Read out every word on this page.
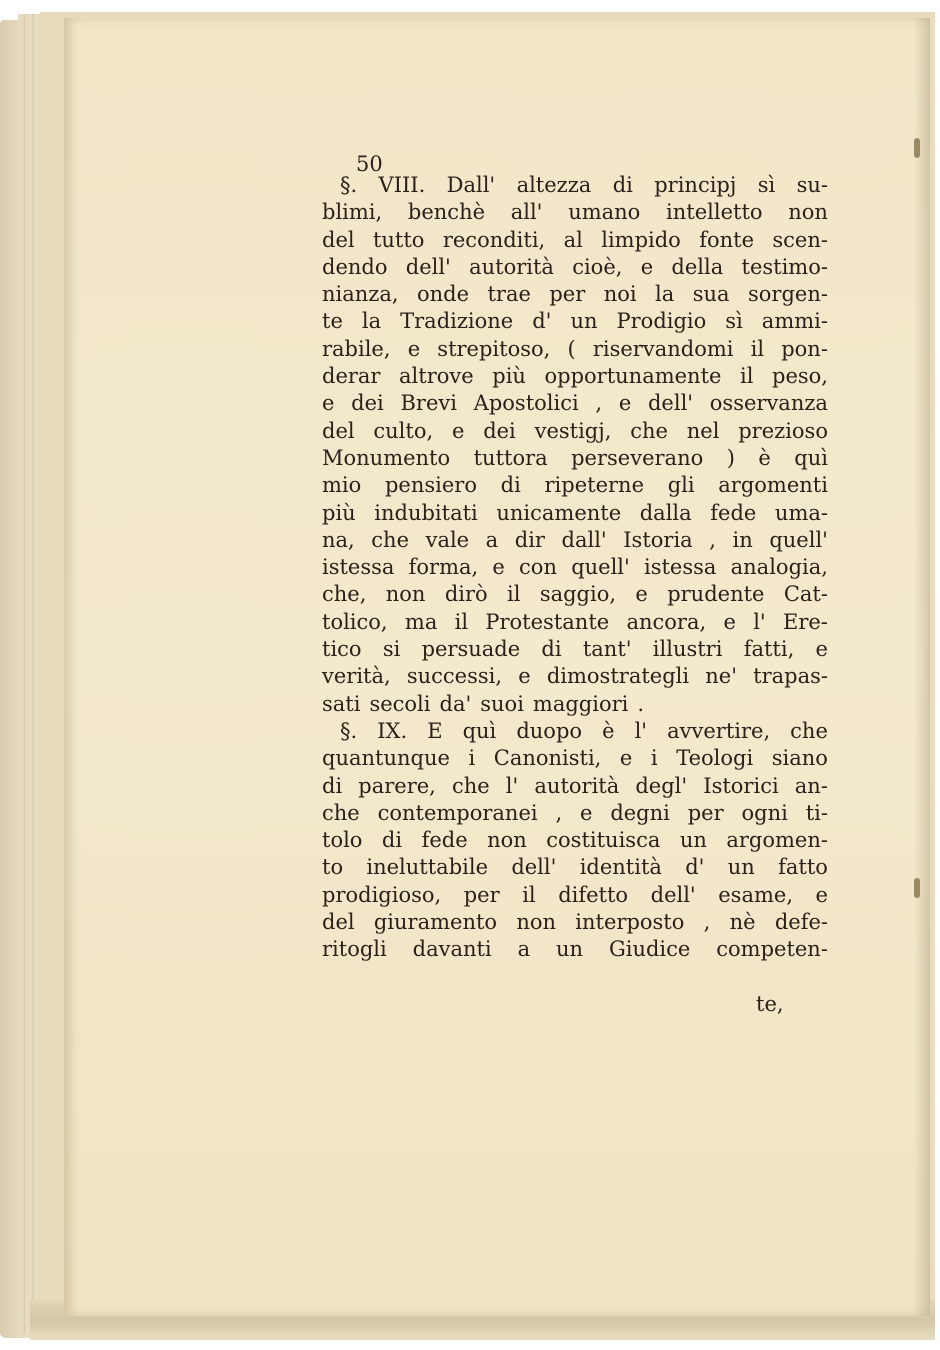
50
§. VIII. Dall' altezza di principj sì su-
blimi, benchè all' umano intelletto non
del tutto reconditi, al limpido fonte scen-
dendo dell' autorità cioè, e della testimo-
nianza, onde trae per noi la sua sorgen-
te la Tradizione d' un Prodigio sì ammi-
rabile, e strepitoso, ( riservandomi il pon-
derar altrove più opportunamente il peso,
e dei Brevi Apostolici , e dell' osservanza
del culto, e dei vestigj, che nel prezioso
Monumento tuttora perseverano ) è quì
mio pensiero di ripeterne gli argomenti
più indubitati unicamente dalla fede uma-
na, che vale a dir dall' Istoria , in quell'
istessa forma, e con quell' istessa analogia,
che, non dirò il saggio, e prudente Cat-
tolico, ma il Protestante ancora, e l' Ere-
tico si persuade di tant' illustri fatti, e
verità, successi, e dimostrategli ne' trapas-
sati secoli da' suoi maggiori .
§. IX. E quì duopo è l' avvertire, che
quantunque i Canonisti, e i Teologi siano
di parere, che l' autorità degl' Istorici an-
che contemporanei , e degni per ogni ti-
tolo di fede non costituisca un argomen-
to ineluttabile dell' identità d' un fatto
prodigioso, per il difetto dell' esame, e
del giuramento non interposto , nè defe-
ritogli davanti a un Giudice competen-
te,
